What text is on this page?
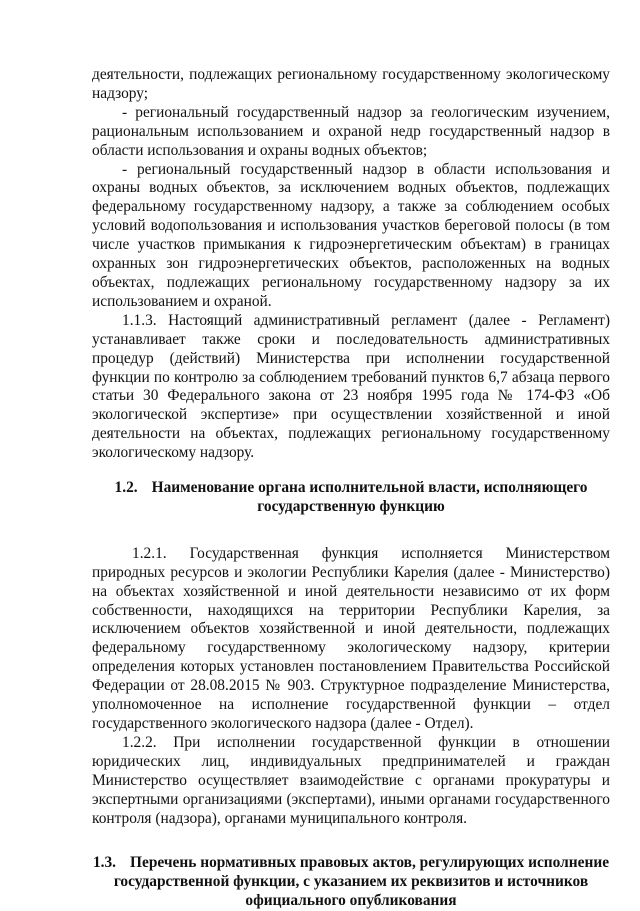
деятельности, подлежащих региональному государственному экологическому надзору;

- региональный государственный надзор за геологическим изучением, рациональным использованием и охраной недр государственный надзор в области использования и охраны водных объектов;

- региональный государственный надзор в области использования и охраны водных объектов, за исключением водных объектов, подлежащих федеральному государственному надзору, а также за соблюдением особых условий водопользования и использования участков береговой полосы (в том числе участков примыкания к гидроэнергетическим объектам) в границах охранных зон гидроэнергетических объектов, расположенных на водных объектах, подлежащих региональному государственному надзору за их использованием и охраной.

1.1.3. Настоящий административный регламент (далее - Регламент) устанавливает также сроки и последовательность административных процедур (действий) Министерства при исполнении государственной функции по контролю за соблюдением требований пунктов 6,7 абзаца первого статьи 30 Федерального закона от 23 ноября 1995 года № 174-ФЗ «Об экологической экспертизе» при осуществлении хозяйственной и иной деятельности на объектах, подлежащих региональному государственному экологическому надзору.

1.2. Наименование органа исполнительной власти, исполняющего
государственную функцию

1.2.1. Государственная функция исполняется Министерством природных ресурсов и экологии Республики Карелия (далее - Министерство) на объектах хозяйственной и иной деятельности независимо от их форм собственности, находящихся на территории Республики Карелия, за исключением объектов хозяйственной и иной деятельности, подлежащих федеральному государственному экологическому надзору, критерии определения которых установлен постановлением Правительства Российской Федерации от 28.08.2015 № 903. Структурное подразделение Министерства, уполномоченное на исполнение государственной функции – отдел государственного экологического надзора (далее - Отдел).

1.2.2. При исполнении государственной функции в отношении юридических лиц, индивидуальных предпринимателей и граждан Министерство осуществляет взаимодействие с органами прокуратуры и экспертными организациями (экспертами), иными органами государственного контроля (надзора), органами муниципального контроля.

1.3. Перечень нормативных правовых актов, регулирующих исполнение
государственной функции, с указанием их реквизитов и источников
официального опубликования
